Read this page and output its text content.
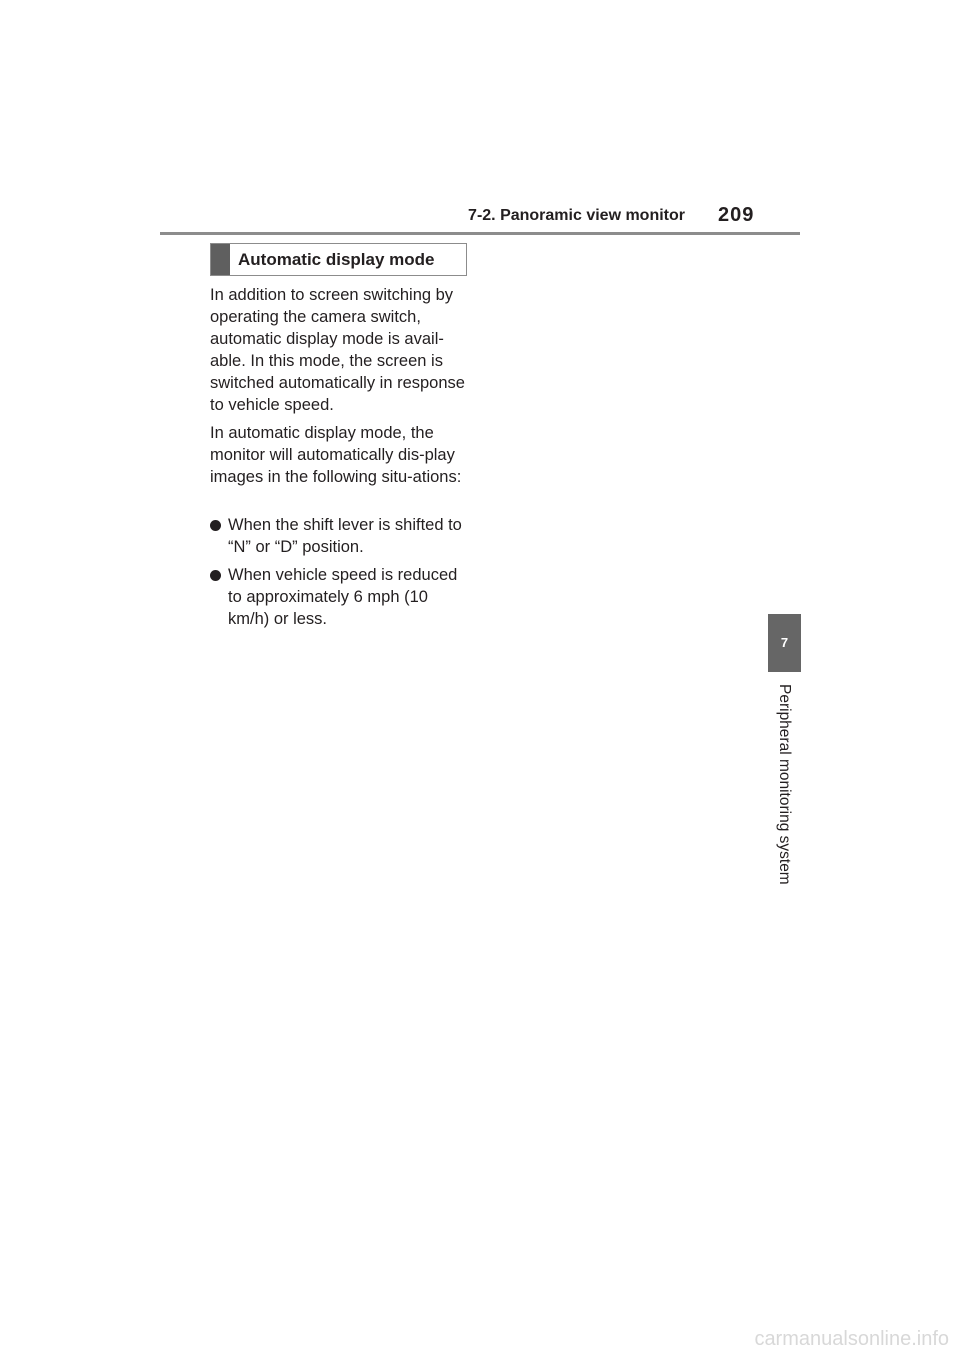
7-2. Panoramic view monitor 209
Automatic display mode

In addition to screen switching by operating the camera switch, automatic display mode is avail-able. In this mode, the screen is switched automatically in response to vehicle speed.

In automatic display mode, the monitor will automatically dis-play images in the following situ-ations:

When the shift lever is shifted to “N” or “D” position.
When vehicle speed is reduced to approximately 6 mph (10 km/h) or less.
7
Peripheral monitoring system
carmanualsonline.info
